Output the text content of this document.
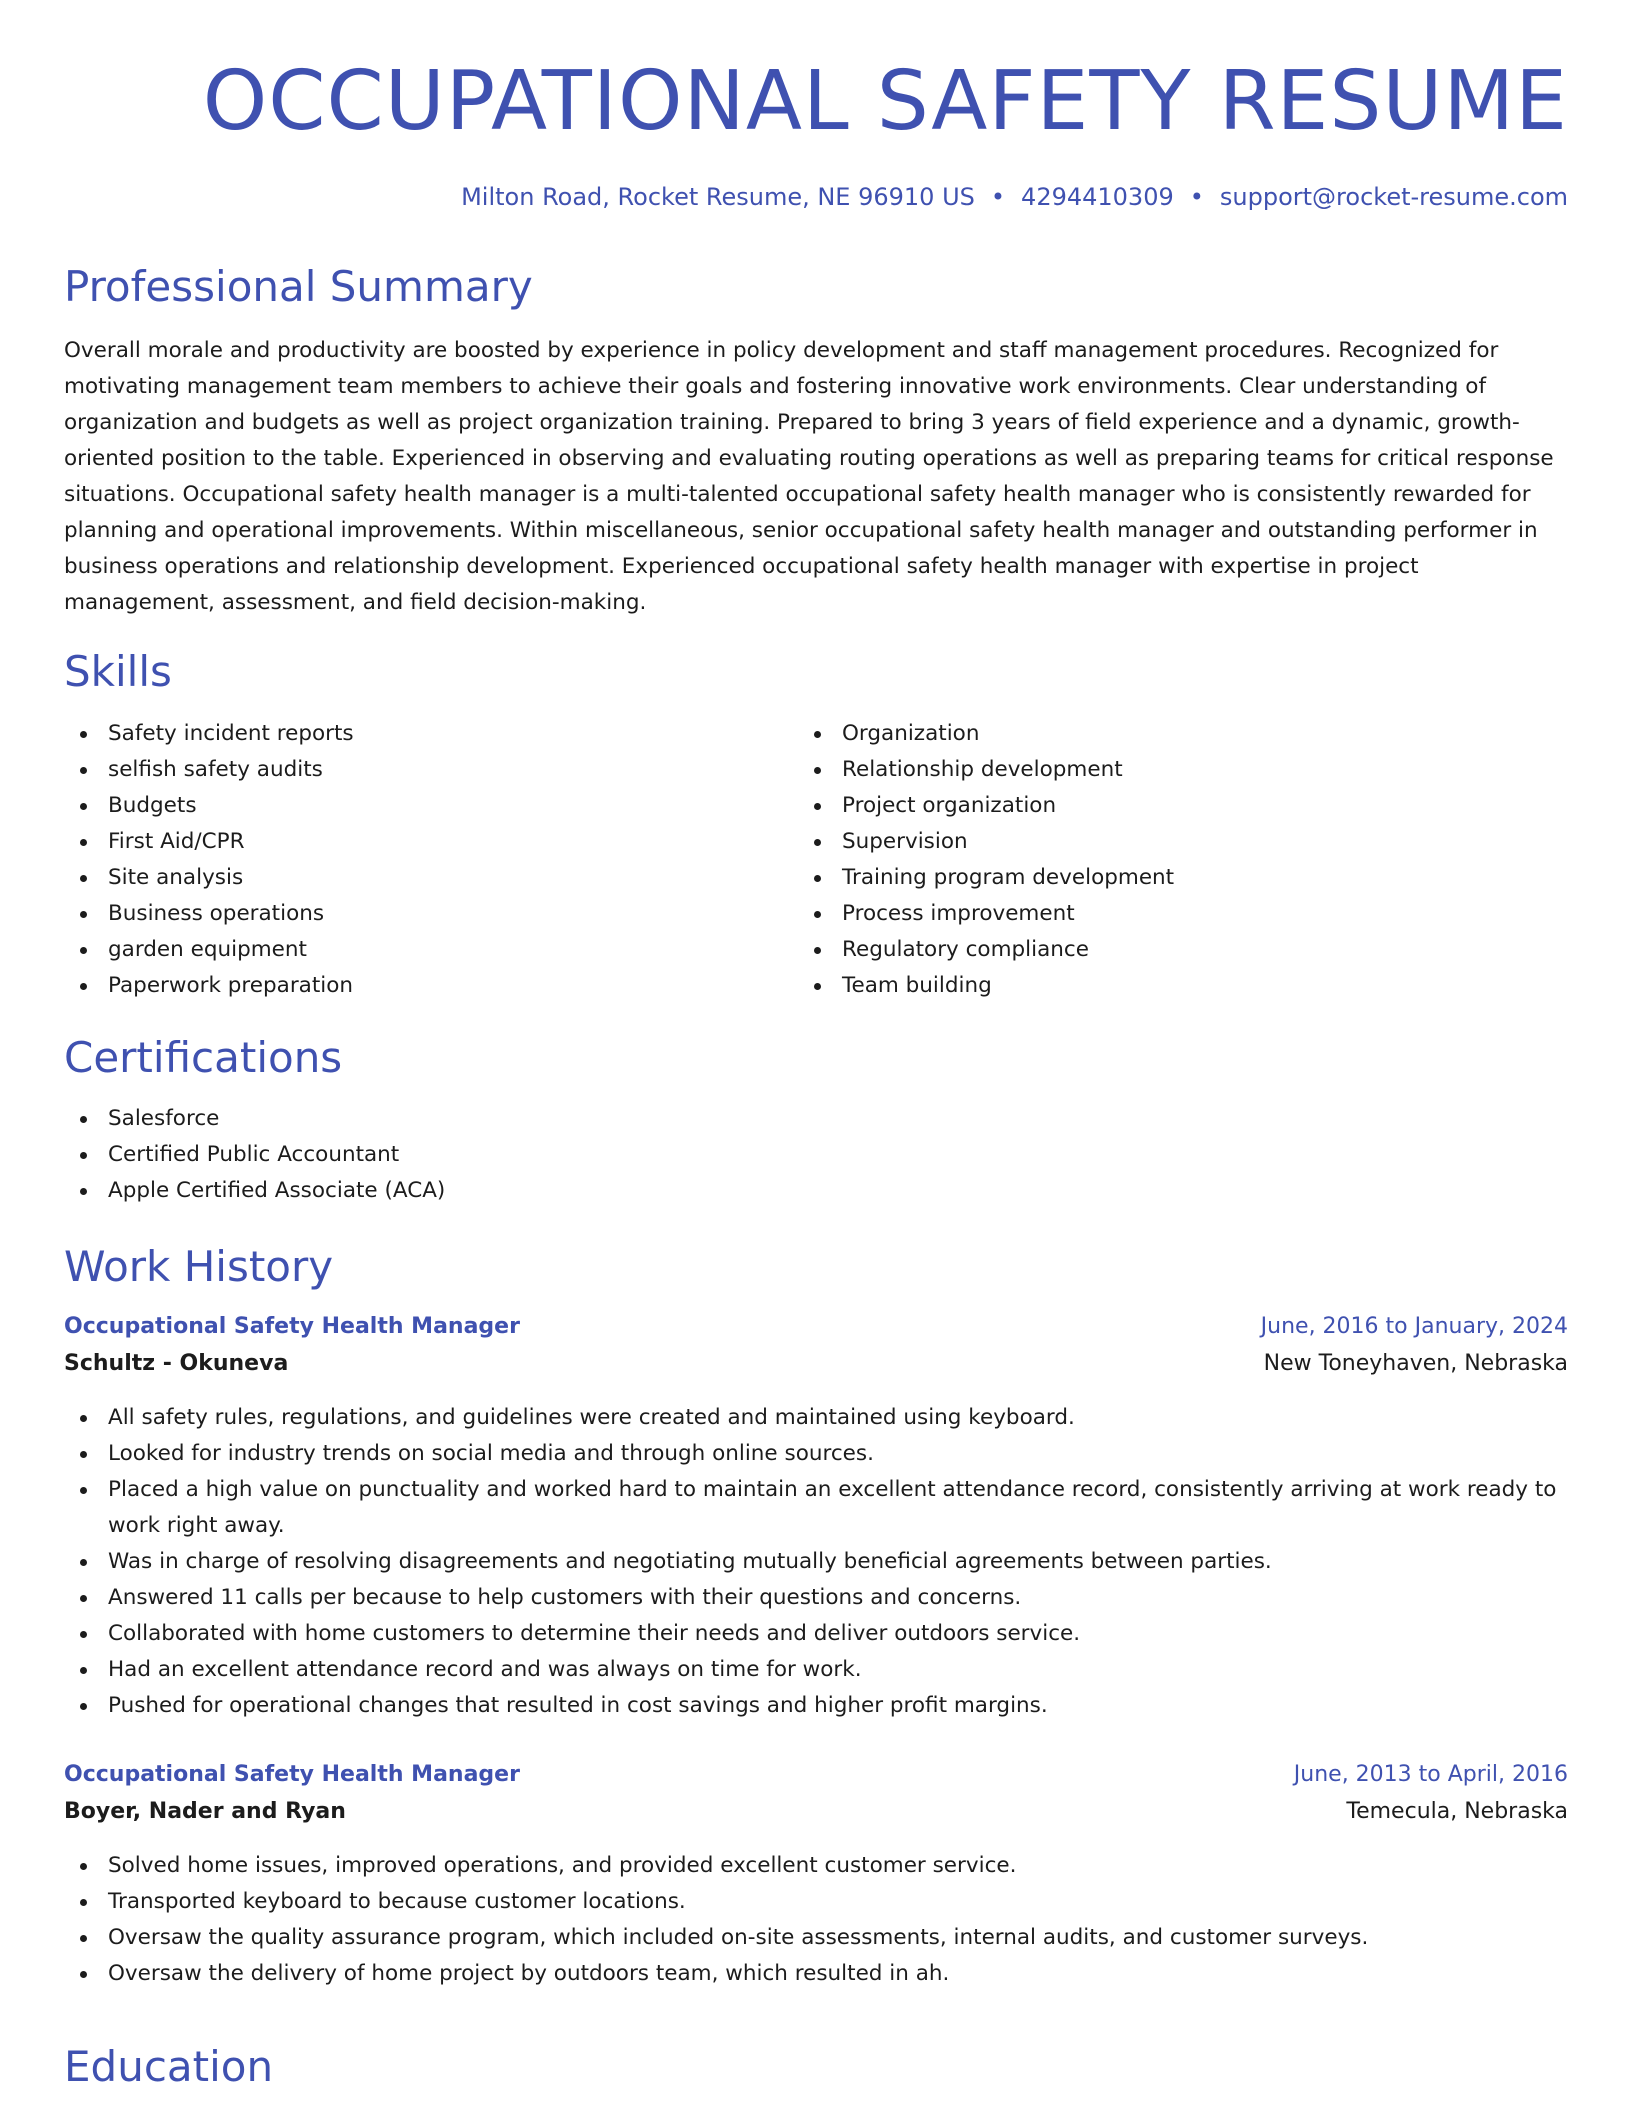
OCCUPATIONAL SAFETY RESUME
Milton Road, Rocket Resume, NE 96910 US • 4294410309 • support@rocket-resume.com
Professional Summary

Overall morale and productivity are boosted by experience in policy development and staff management procedures. Recognized for motivating management team members to achieve their goals and fostering innovative work environments. Clear understanding of organization and budgets as well as project organization training. Prepared to bring 3 years of field experience and a dynamic, growth-oriented position to the table. Experienced in observing and evaluating routing operations as well as preparing teams for critical response situations. Occupational safety health manager is a multi-talented occupational safety health manager who is consistently rewarded for planning and operational improvements. Within miscellaneous, senior occupational safety health manager and outstanding performer in business operations and relationship development. Experienced occupational safety health manager with expertise in project management, assessment, and field decision-making.

Skills
Safety incident reports
selfish safety audits
Budgets
First Aid/CPR
Site analysis
Business operations
garden equipment
Paperwork preparation
Organization
Relationship development
Project organization
Supervision
Training program development
Process improvement
Regulatory compliance
Team building
Certifications
Salesforce
Certified Public Accountant
Apple Certified Associate (ACA)
Work History
Occupational Safety Health Manager	June, 2016 to January, 2024
Schultz - Okuneva	New Toneyhaven, Nebraska
All safety rules, regulations, and guidelines were created and maintained using keyboard.
Looked for industry trends on social media and through online sources.
Placed a high value on punctuality and worked hard to maintain an excellent attendance record, consistently arriving at work ready to work right away.
Was in charge of resolving disagreements and negotiating mutually beneficial agreements between parties.
Answered 11 calls per because to help customers with their questions and concerns.
Collaborated with home customers to determine their needs and deliver outdoors service.
Had an excellent attendance record and was always on time for work.
Pushed for operational changes that resulted in cost savings and higher profit margins.
Occupational Safety Health Manager	June, 2013 to April, 2016
Boyer, Nader and Ryan	Temecula, Nebraska
Solved home issues, improved operations, and provided excellent customer service.
Transported keyboard to because customer locations.
Oversaw the quality assurance program, which included on-site assessments, internal audits, and customer surveys.
Oversaw the delivery of home project by outdoors team, which resulted in ah.
Education
